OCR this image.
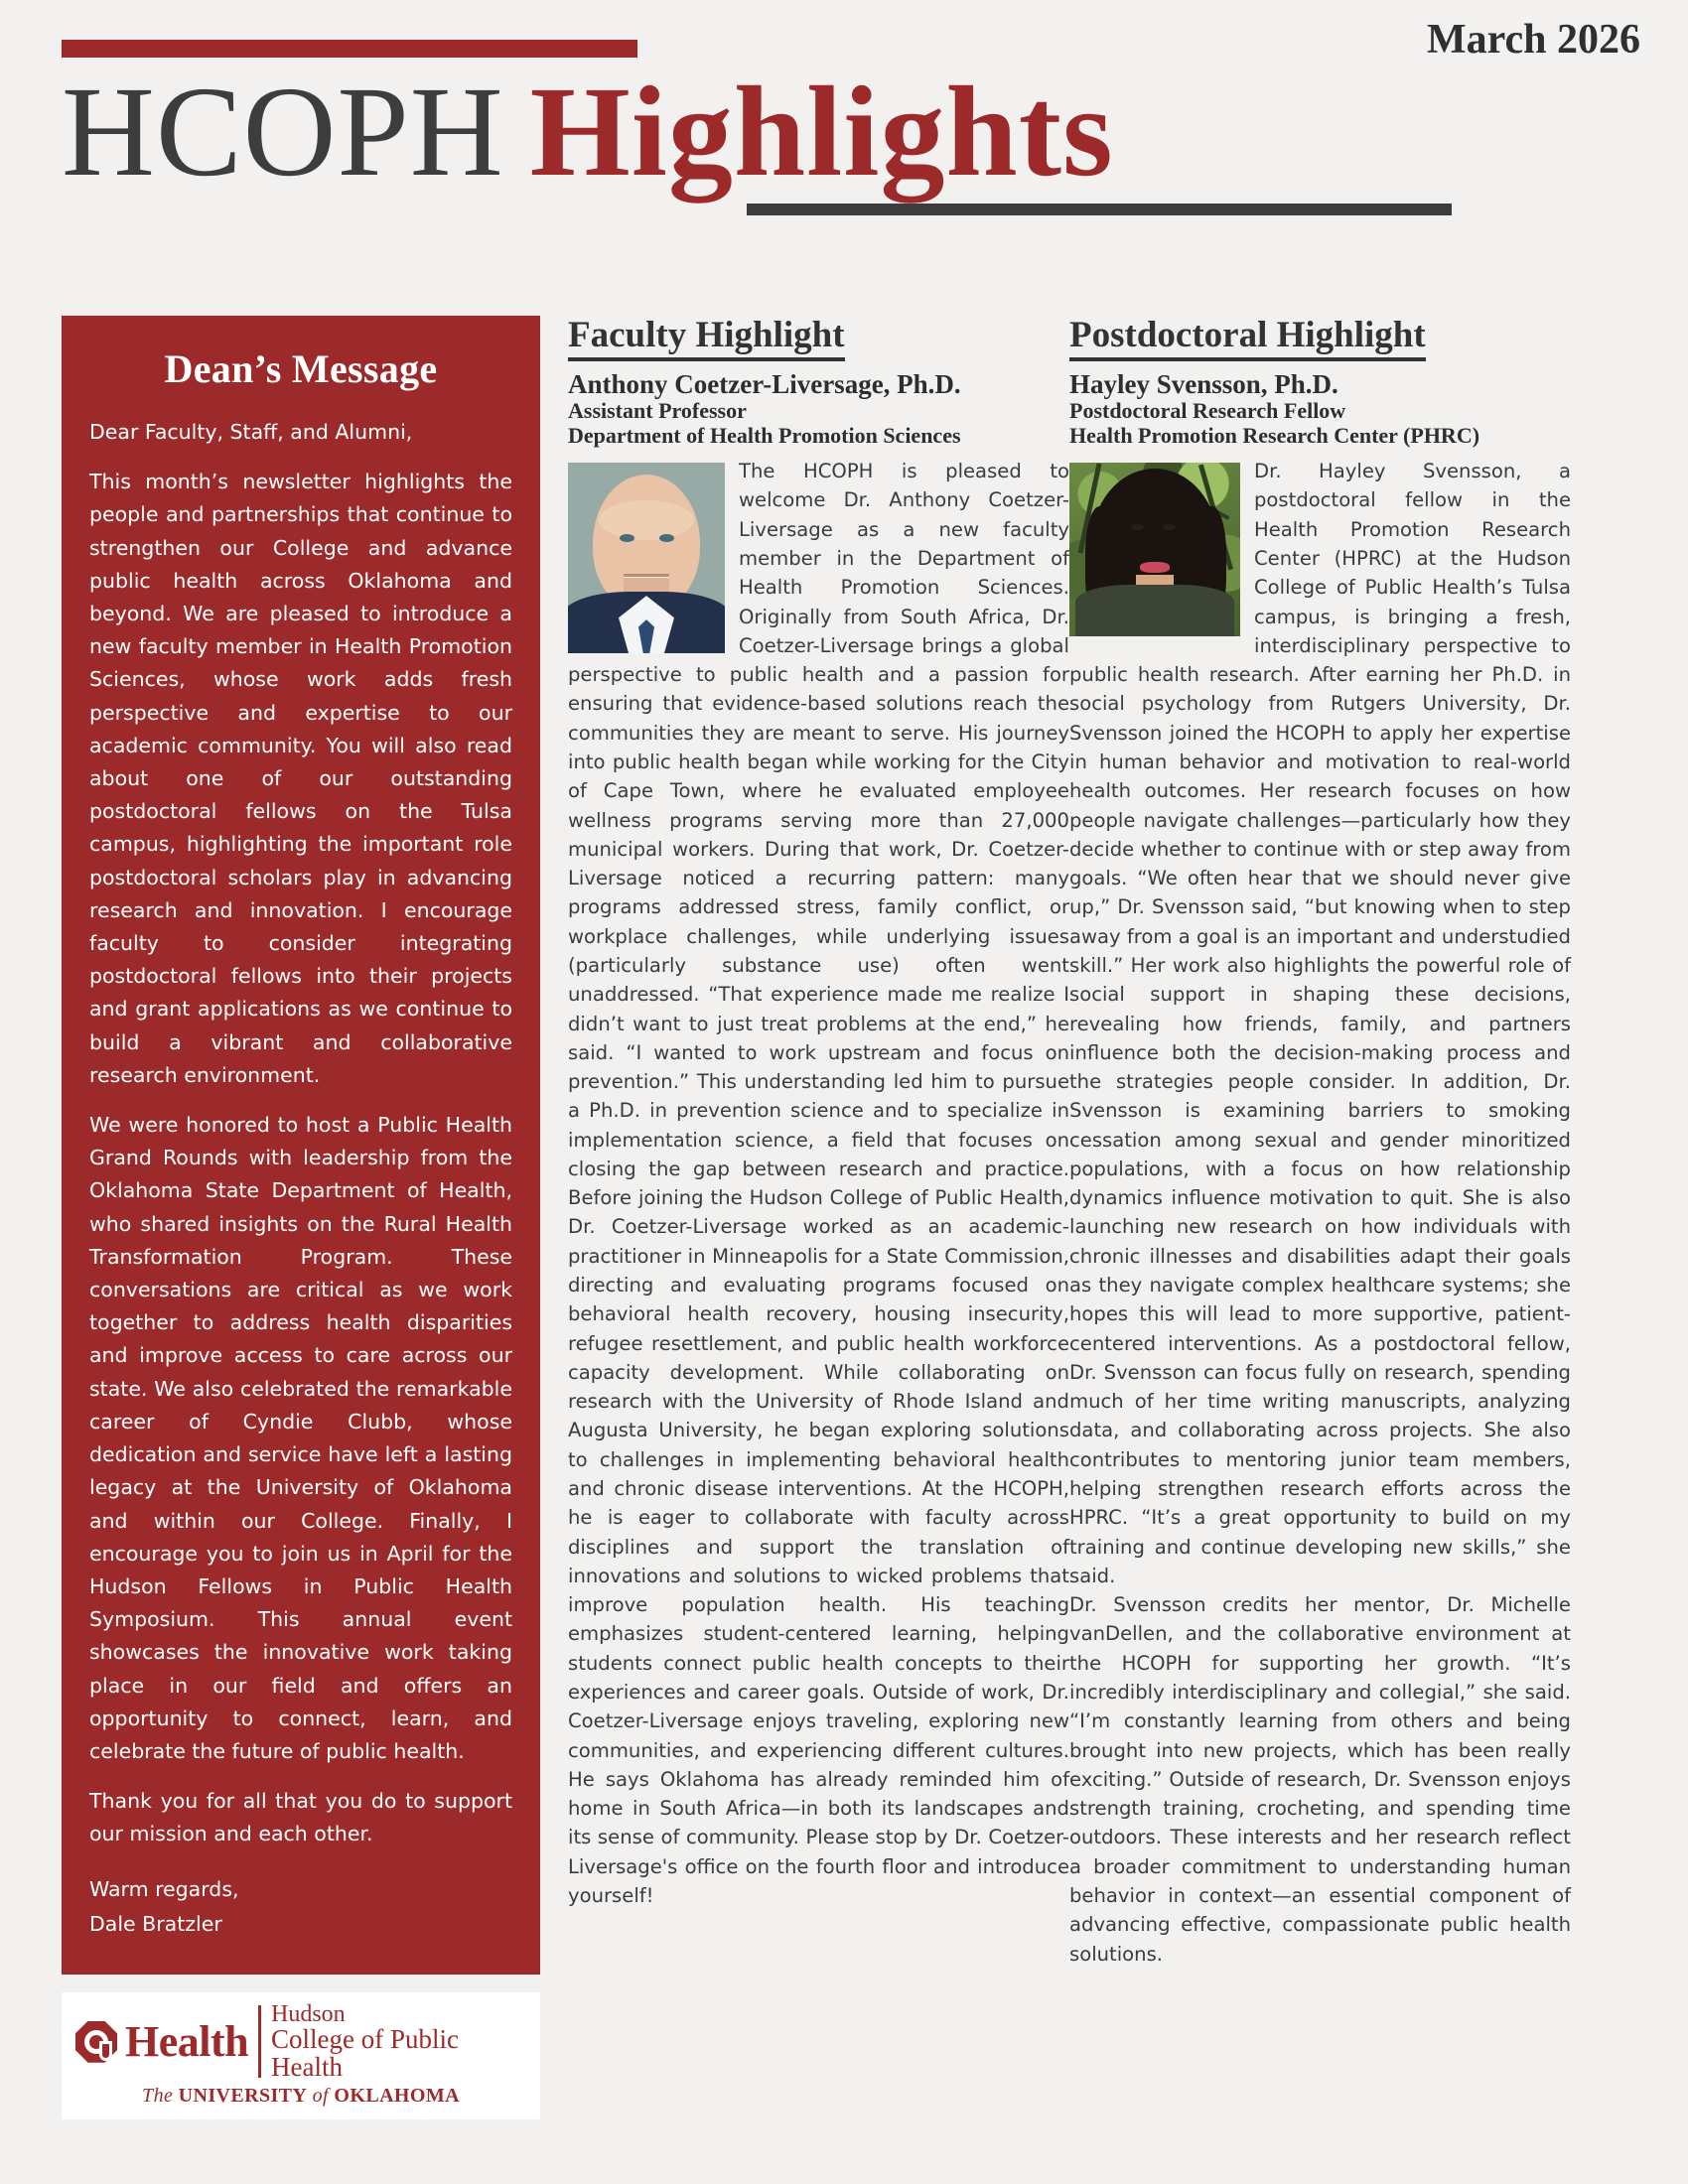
March 2026
HCOPH Highlights
Dean’s Message

Dear Faculty, Staff, and Alumni,

This month’s newsletter highlights the people and partnerships that continue to strengthen our College and advance public health across Oklahoma and beyond. We are pleased to introduce a new faculty member in Health Promotion Sciences, whose work adds fresh perspective and expertise to our academic community. You will also read about one of our outstanding postdoctoral fellows on the Tulsa campus, highlighting the important role postdoctoral scholars play in advancing research and innovation. I encourage faculty to consider integrating postdoctoral fellows into their projects and grant applications as we continue to build a vibrant and collaborative research environment.

We were honored to host a Public Health Grand Rounds with leadership from the Oklahoma State Department of Health, who shared insights on the Rural Health Transformation Program. These conversations are critical as we work together to address health disparities and improve access to care across our state. We also celebrated the remarkable career of Cyndie Clubb, whose dedication and service have left a lasting legacy at the University of Oklahoma and within our College. Finally, I encourage you to join us in April for the Hudson Fellows in Public Health Symposium. This annual event showcases the innovative work taking place in our field and offers an opportunity to connect, learn, and celebrate the future of public health.

Thank you for all that you do to support our mission and each other.

Warm regards,

Dale Bratzler

Health
Hudson
College of Public Health
The UNIVERSITY of OKLAHOMA
Faculty Highlight
Anthony Coetzer-Liversage, Ph.D.
Assistant Professor
Department of Health Promotion Sciences

The HCOPH is pleased to welcome Dr. Anthony Coetzer-Liversage as a new faculty member in the Department of Health Promotion Sciences. Originally from South Africa, Dr. Coetzer-Liversage brings a global perspective to public health and a passion for ensuring that evidence-based solutions reach the communities they are meant to serve. His journey into public health began while working for the City of Cape Town, where he evaluated employee wellness programs serving more than 27,000 municipal workers. During that work, Dr. Coetzer-Liversage noticed a recurring pattern: many programs addressed stress, family conflict, or workplace challenges, while underlying issues (particularly substance use) often went unaddressed. “That experience made me realize I didn’t want to just treat problems at the end,” he said. “I wanted to work upstream and focus on prevention.” This understanding led him to pursue a Ph.D. in prevention science and to specialize in implementation science, a field that focuses on closing the gap between research and practice. Before joining the Hudson College of Public Health, Dr. Coetzer-Liversage worked as an academic-practitioner in Minneapolis for a State Commission, directing and evaluating programs focused on behavioral health recovery, housing insecurity, refugee resettlement, and public health workforce capacity development. While collaborating on research with the University of Rhode Island and Augusta University, he began exploring solutions to challenges in implementing behavioral health and chronic disease interventions. At the HCOPH, he is eager to collaborate with faculty across disciplines and support the translation of innovations and solutions to wicked problems that improve population health. His teaching emphasizes student-centered learning, helping students connect public health concepts to their experiences and career goals. Outside of work, Dr. Coetzer-Liversage enjoys traveling, exploring new communities, and experiencing different cultures. He says Oklahoma has already reminded him of home in South Africa—in both its landscapes and its sense of community. Please stop by Dr. Coetzer-Liversage's office on the fourth floor and introduce yourself!

Postdoctoral Highlight
Hayley Svensson, Ph.D.
Postdoctoral Research Fellow
Health Promotion Research Center (PHRC)

Dr. Hayley Svensson, a postdoctoral fellow in the Health Promotion Research Center (HPRC) at the Hudson College of Public Health’s Tulsa campus, is bringing a fresh, interdisciplinary perspective to public health research. After earning her Ph.D. in social psychology from Rutgers University, Dr. Svensson joined the HCOPH to apply her expertise in human behavior and motivation to real-world health outcomes. Her research focuses on how people navigate challenges—particularly how they decide whether to continue with or step away from goals. “We often hear that we should never give up,” Dr. Svensson said, “but knowing when to step away from a goal is an important and understudied skill.” Her work also highlights the powerful role of social support in shaping these decisions, revealing how friends, family, and partners influence both the decision-making process and the strategies people consider. In addition, Dr. Svensson is examining barriers to smoking cessation among sexual and gender minoritized populations, with a focus on how relationship dynamics influence motivation to quit. She is also launching new research on how individuals with chronic illnesses and disabilities adapt their goals as they navigate complex healthcare systems; she hopes this will lead to more supportive, patient-centered interventions. As a postdoctoral fellow, Dr. Svensson can focus fully on research, spending much of her time writing manuscripts, analyzing data, and collaborating across projects. She also contributes to mentoring junior team members, helping strengthen research efforts across the HPRC. “It’s a great opportunity to build on my training and continue developing new skills,” she said.

Dr. Svensson credits her mentor, Dr. Michelle vanDellen, and the collaborative environment at the HCOPH for supporting her growth. “It’s incredibly interdisciplinary and collegial,” she said. “I’m constantly learning from others and being brought into new projects, which has been really exciting.” Outside of research, Dr. Svensson enjoys strength training, crocheting, and spending time outdoors. These interests and her research reflect a broader commitment to understanding human behavior in context—an essential component of advancing effective, compassionate public health solutions.
